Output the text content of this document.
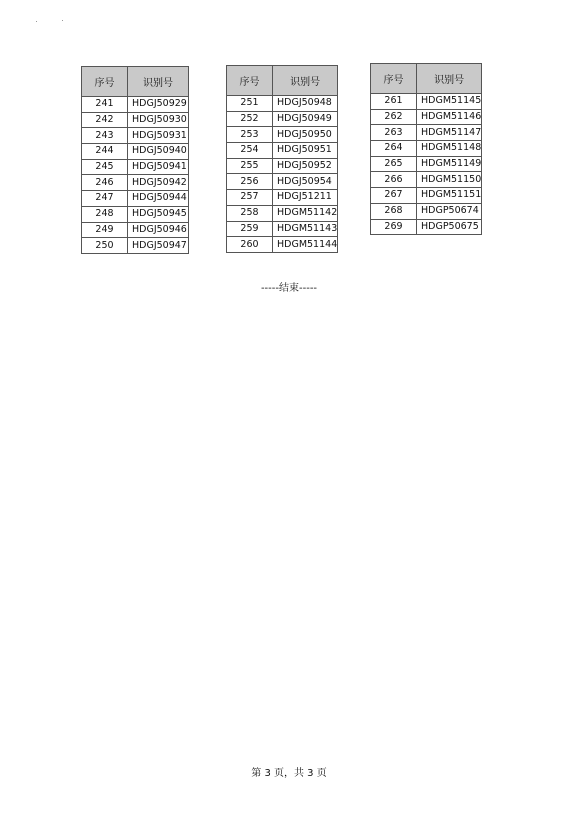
序号	识别号
241	HDGJ50929
242	HDGJ50930
243	HDGJ50931
244	HDGJ50940
245	HDGJ50941
246	HDGJ50942
247	HDGJ50944
248	HDGJ50945
249	HDGJ50946
250	HDGJ50947
序号	识别号
251	HDGJ50948
252	HDGJ50949
253	HDGJ50950
254	HDGJ50951
255	HDGJ50952
256	HDGJ50954
257	HDGJ51211
258	HDGM51142
259	HDGM51143
260	HDGM51144
序号	识别号
261	HDGM51145
262	HDGM51146
263	HDGM51147
264	HDGM51148
265	HDGM51149
266	HDGM51150
267	HDGM51151
268	HDGP50674
269	HDGP50675
-----结束-----
第 3 页，共 3 页
